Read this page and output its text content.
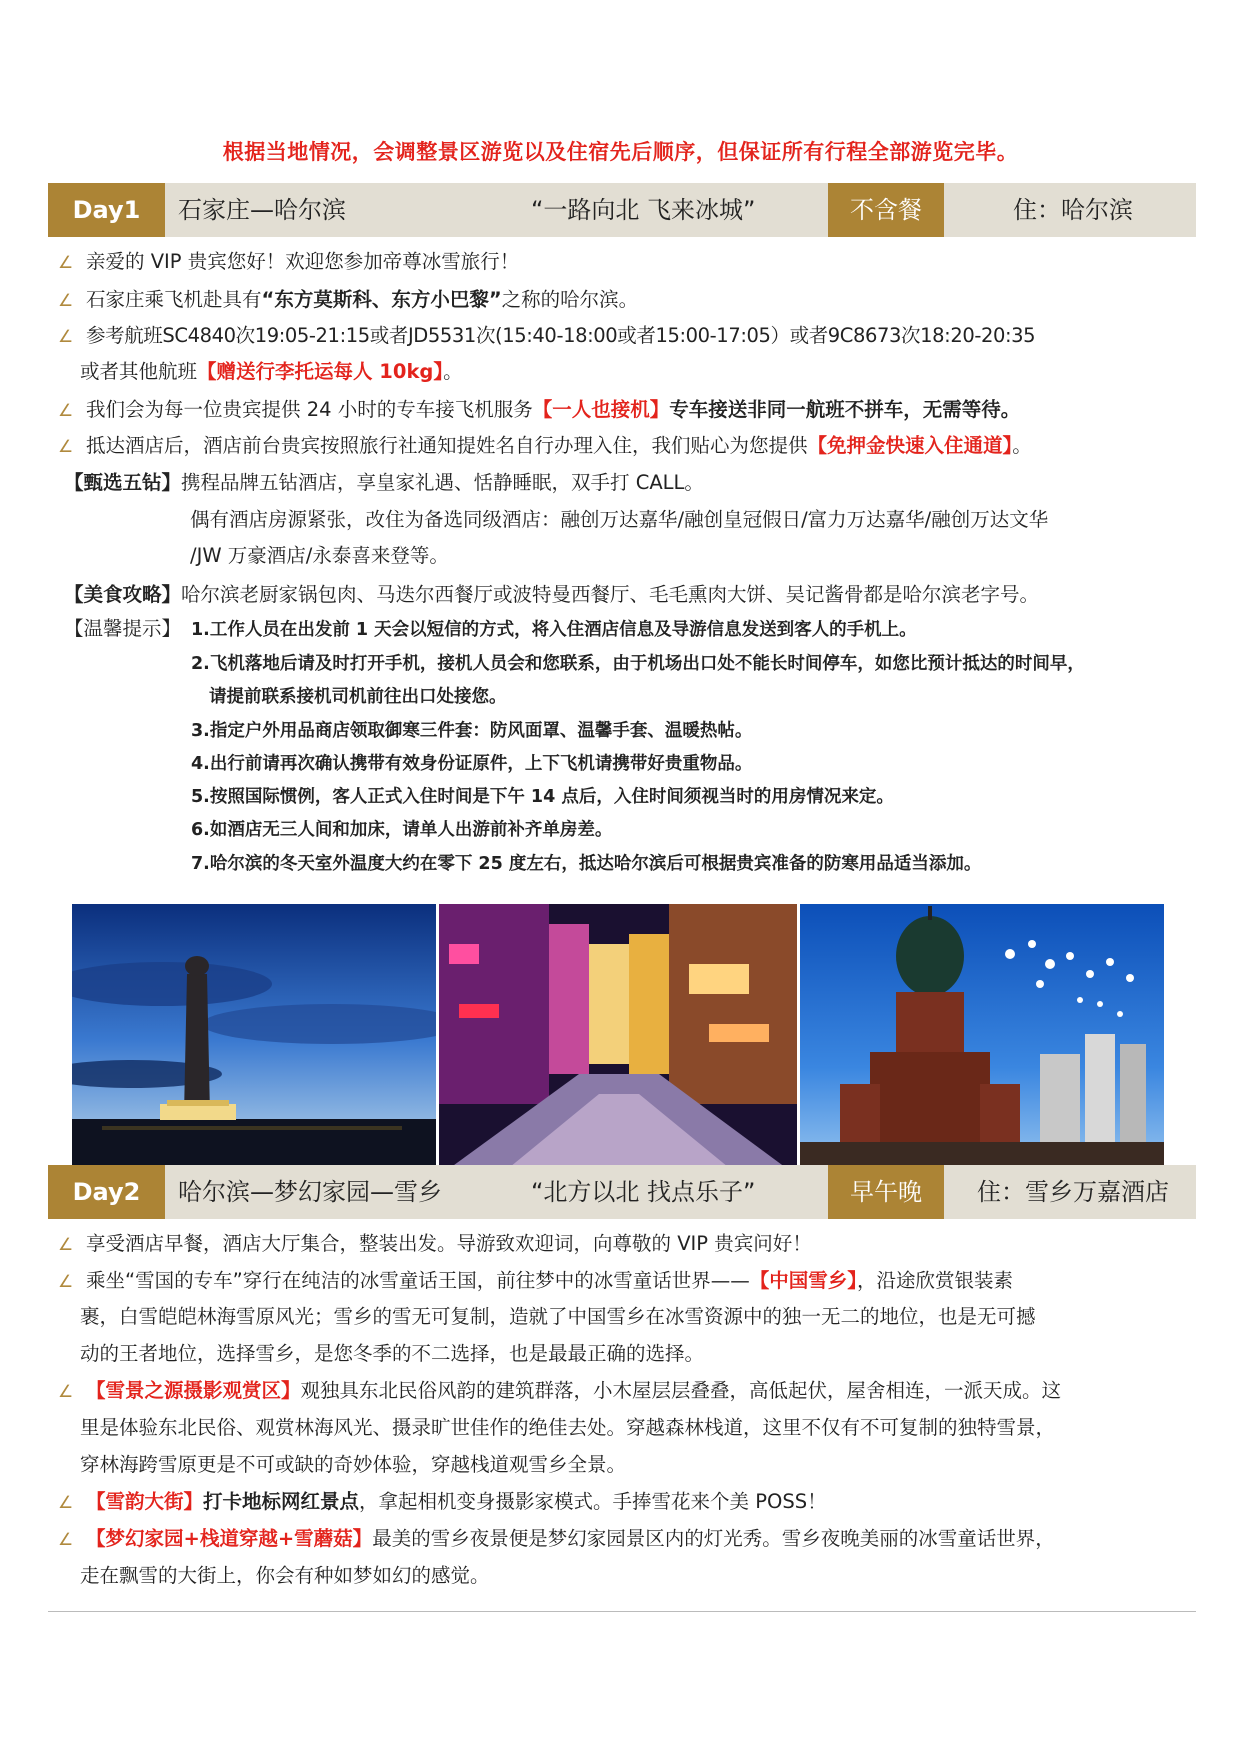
根据当地情况，会调整景区游览以及住宿先后顺序，但保证所有行程全部游览完毕。
Day1	石家庄—哈尔滨	“一路向北 飞来冰城”	不含餐	住：哈尔滨
∠ 亲爱的 VIP 贵宾您好！欢迎您参加帝尊冰雪旅行！
∠ 石家庄乘飞机赴具有“东方莫斯科、东方小巴黎”之称的哈尔滨。
∠ 参考航班SC4840次19:05-21:15或者JD5531次(15:40-18:00或者15:00-17:05）或者9C8673次18:20-20:35
或者其他航班【赠送行李托运每人 10kg】。
∠ 我们会为每一位贵宾提供 24 小时的专车接飞机服务【一人也接机】专车接送非同一航班不拼车，无需等待。
∠ 抵达酒店后，酒店前台贵宾按照旅行社通知提姓名自行办理入住，我们贴心为您提供【免押金快速入住通道】。
【甄选五钻】携程品牌五钻酒店，享皇家礼遇、恬静睡眠，双手打 CALL。
偶有酒店房源紧张，改住为备选同级酒店：融创万达嘉华/融创皇冠假日/富力万达嘉华/融创万达文华
/JW 万豪酒店/永泰喜来登等。
【美食攻略】哈尔滨老厨家锅包肉、马迭尔西餐厅或波特曼西餐厅、毛毛熏肉大饼、吴记酱骨都是哈尔滨老字号。
【温馨提示】 1.工作人员在出发前 1 天会以短信的方式，将入住酒店信息及导游信息发送到客人的手机上。
2.飞机落地后请及时打开手机，接机人员会和您联系，由于机场出口处不能长时间停车，如您比预计抵达的时间早，
请提前联系接机司机前往出口处接您。
3.指定户外用品商店领取御寒三件套：防风面罩、温馨手套、温暖热帖。
4.出行前请再次确认携带有效身份证原件，上下飞机请携带好贵重物品。
5.按照国际惯例，客人正式入住时间是下午 14 点后，入住时间须视当时的用房情况来定。
6.如酒店无三人间和加床，请单人出游前补齐单房差。
7.哈尔滨的冬天室外温度大约在零下 25 度左右，抵达哈尔滨后可根据贵宾准备的防寒用品适当添加。
Day2	哈尔滨—梦幻家园—雪乡	“北方以北 找点乐子”	早午晚	住：雪乡万嘉酒店
∠ 享受酒店早餐，酒店大厅集合，整装出发。导游致欢迎词，向尊敬的 VIP 贵宾问好！
∠ 乘坐“雪国的专车”穿行在纯洁的冰雪童话王国，前往梦中的冰雪童话世界——【中国雪乡】，沿途欣赏银装素
裹，白雪皑皑林海雪原风光；雪乡的雪无可复制，造就了中国雪乡在冰雪资源中的独一无二的地位，也是无可撼
动的王者地位，选择雪乡，是您冬季的不二选择，也是最最正确的选择。
∠ 【雪景之源摄影观赏区】观独具东北民俗风韵的建筑群落，小木屋层层叠叠，高低起伏，屋舍相连，一派天成。这
里是体验东北民俗、观赏林海风光、摄录旷世佳作的绝佳去处。穿越森林栈道，这里不仅有不可复制的独特雪景，
穿林海跨雪原更是不可或缺的奇妙体验，穿越栈道观雪乡全景。
∠ 【雪韵大街】打卡地标网红景点，拿起相机变身摄影家模式。手捧雪花来个美 POSS！
∠ 【梦幻家园+栈道穿越+雪蘑菇】最美的雪乡夜景便是梦幻家园景区内的灯光秀。雪乡夜晚美丽的冰雪童话世界，
走在飘雪的大街上，你会有种如梦如幻的感觉。
